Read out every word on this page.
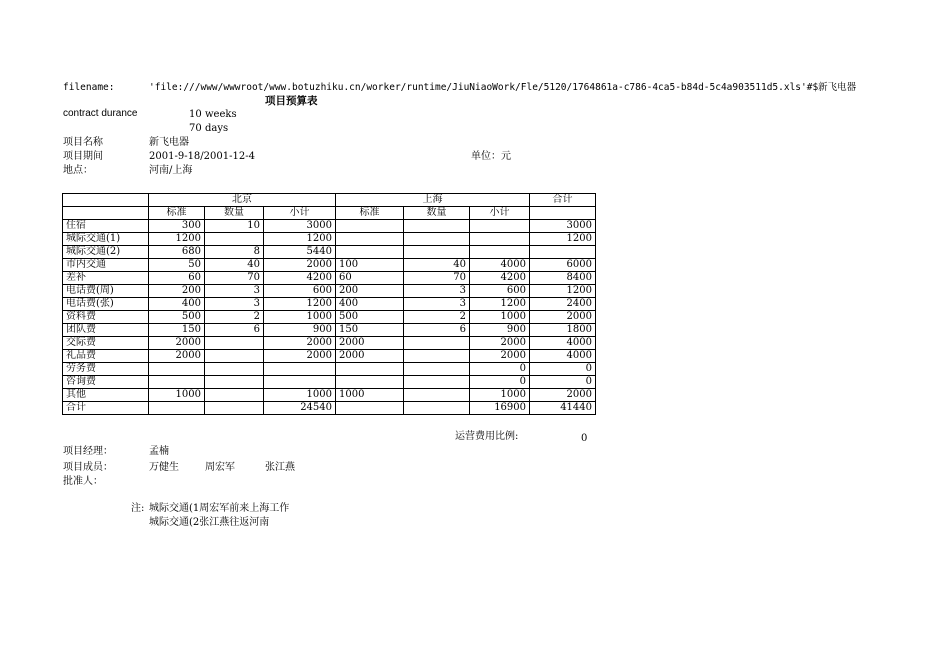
filename:	'file:///www/wwwroot/www.botuzhiku.cn/worker/runtime/JiuNiaoWork/Fle/5120/1764861a-c786-4ca5-b84d-5c4a903511d5.xls'#$新飞电器
项目预算表
contract durance	10 weeks
70 days
项目名称	新飞电器
项目期间	2001-9-18/2001-12-4	单位：元
地点：	河南/上海
	北京			上海			合计
	标准	数量	小计	标准	数量	小计	
住宿	300	10	3000				3000
城际交通(1)	1200		1200				1200
城际交通(2)	680	8	5440				
市内交通	50	40	2000	100	40	4000	6000
差补	60	70	4200	60	70	4200	8400
电话费(周)	200	3	600	200	3	600	1200
电话费(张)	400	3	1200	400	3	1200	2400
资料费	500	2	1000	500	2	1000	2000
团队费	150	6	900	150	6	900	1800
交际费	2000		2000	2000		2000	4000
礼品费	2000		2000	2000		2000	4000
劳务费						0	0
咨询费						0	0
其他	1000		1000	1000		1000	2000
合计			24540			16900	41440
运营费用比例:	0
项目经理：	孟楠
项目成员：	万健生	周宏军	张江燕
批准人：
注: 城际交通(1周宏军前来上海工作
城际交通(2张江燕往返河南
